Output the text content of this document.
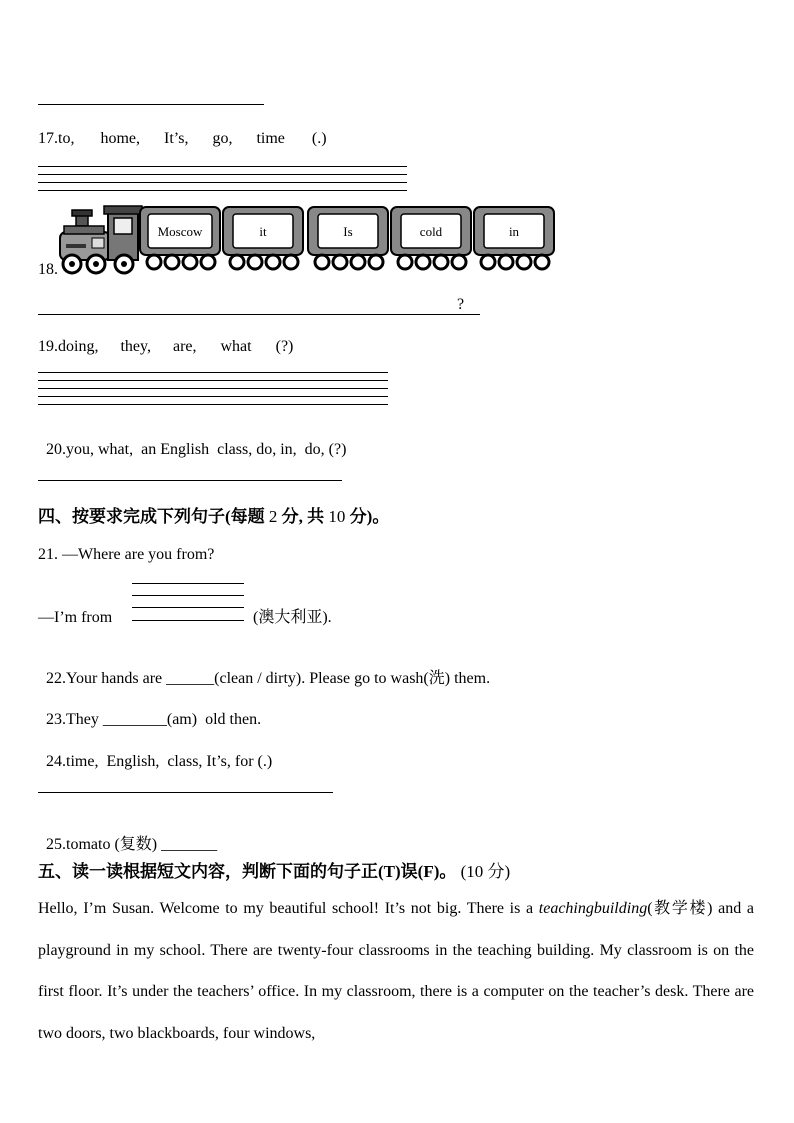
17.to, home, It’s, go, time (.)
18.
Moscow	it	Is	cold	in
?
19.doing, they, are, what (?)

20.you, what,  an English  class, do, in,  do, (?)

四、按要求完成下列句子(每题 2 分, 共 10 分)。
21. —Where are you from?
—I’m from	(澳大利亚).

22.Your hands are ______(clean / dirty). Please go to wash(洗) them.

23.They ________(am)  old then.

24.time,  English,  class, It’s, for (.)

25.tomato (复数) _______

五、读一读根据短文内容，判断下面的句子正(T)误(F)。 (10 分)
Hello, I’m Susan. Welcome to my beautiful school! It’s not big. There is a teachingbuilding(教学楼) and a playground in my school. There are twenty-four classrooms in the teaching building. My classroom is on the first floor. It’s under the teachers’ office. In my classroom, there is a computer on the teacher’s desk. There are two doors, two blackboards, four windows,
